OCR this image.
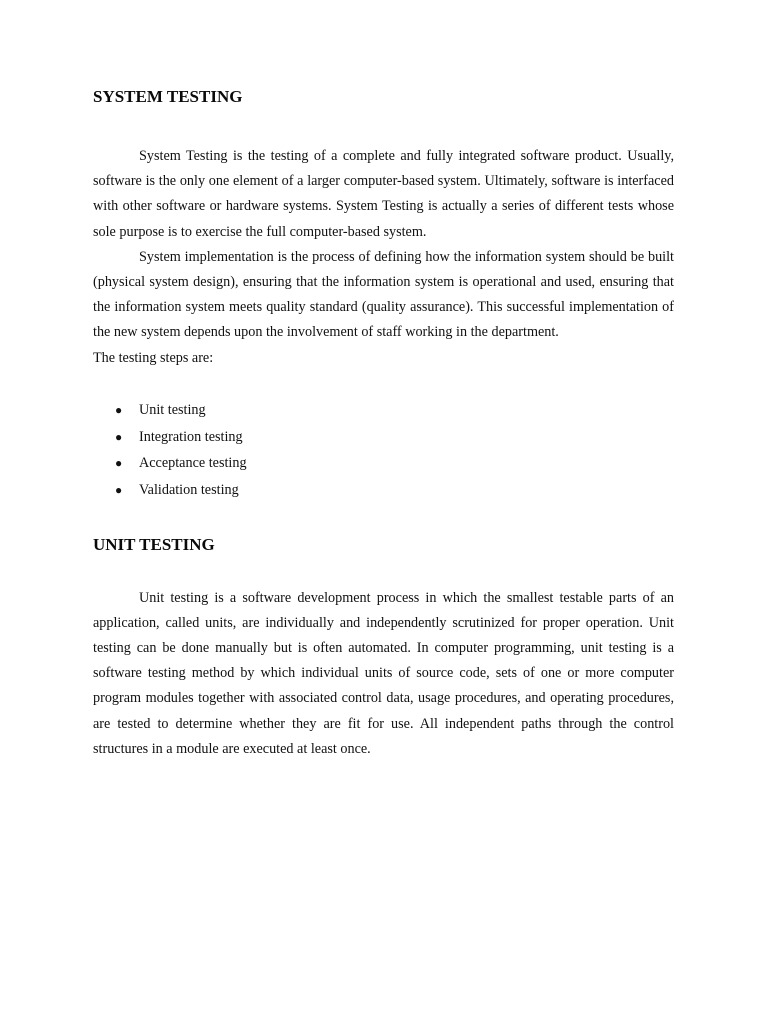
SYSTEM TESTING

System Testing is the testing of a complete and fully integrated software product. Usually, software is the only one element of a larger computer-based system. Ultimately, software is interfaced with other software or hardware systems. System Testing is actually a series of different tests whose sole purpose is to exercise the full computer-based system.

System implementation is the process of defining how the information system should be built (physical system design), ensuring that the information system is operational and used, ensuring that the information system meets quality standard (quality assurance). This successful implementation of the new system depends upon the involvement of staff working in the department.

The testing steps are:

● Unit testing
● Integration testing
● Acceptance testing
● Validation testing
UNIT TESTING

Unit testing is a software development process in which the smallest testable parts of an application, called units, are individually and independently scrutinized for proper operation. Unit testing can be done manually but is often automated. In computer programming, unit testing is a software testing method by which individual units of source code, sets of one or more computer program modules together with associated control data, usage procedures, and operating procedures, are tested to determine whether they are fit for use. All independent paths through the control structures in a module are executed at least once.
